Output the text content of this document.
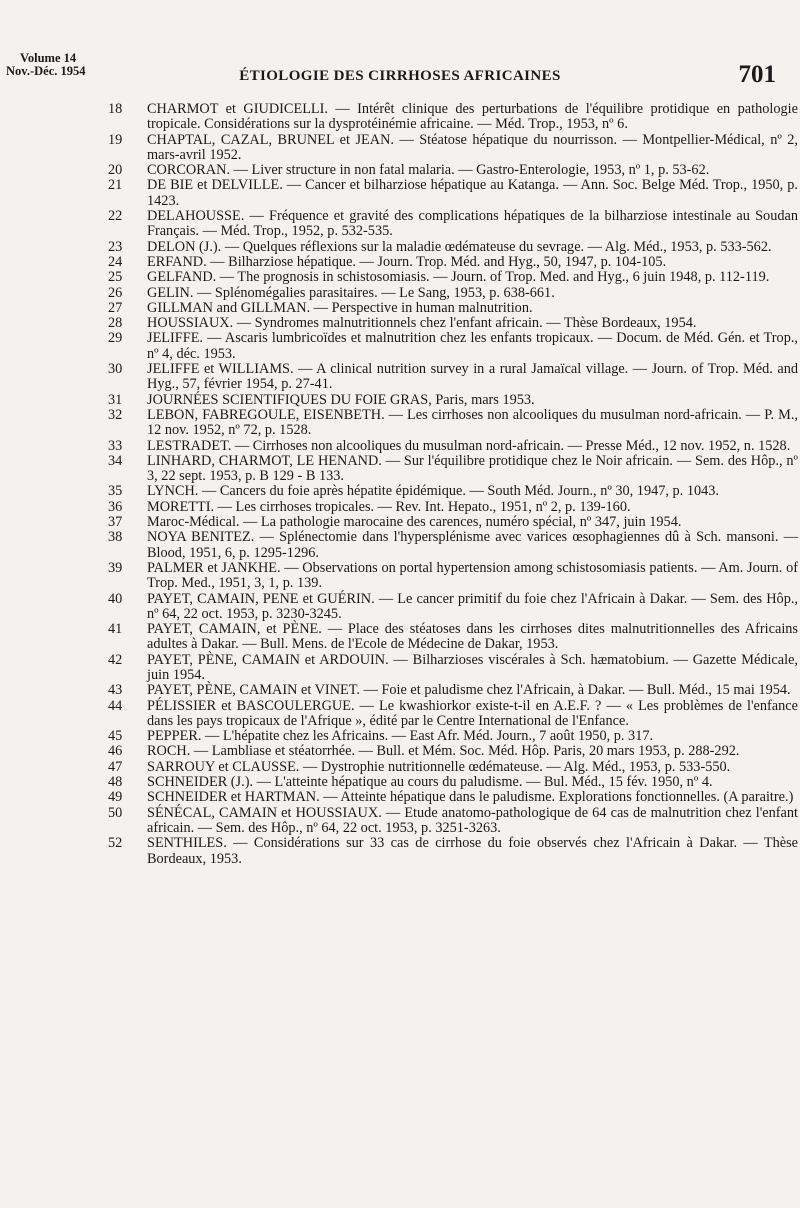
Volume 14
Nov.-Déc. 1954	ÉTIOLOGIE DES CIRRHOSES AFRICAINES	701
18	CHARMOT et GIUDICELLI. — Intérêt clinique des perturbations de l'équilibre protidique en pathologie tropicale. Considérations sur la dysprotéinémie africaine. — Méd. Trop., 1953, nº 6.
19	CHAPTAL, CAZAL, BRUNEL et JEAN. — Stéatose hépatique du nourrisson. — Montpellier-Médical, nº 2, mars-avril 1952.
20	CORCORAN. — Liver structure in non fatal malaria. — Gastro-Enterologie, 1953, nº 1, p. 53-62.
21	DE BIE et DELVILLE. — Cancer et bilharziose hépatique au Katanga. — Ann. Soc. Belge Méd. Trop., 1950, p. 1423.
22	DELAHOUSSE. — Fréquence et gravité des complications hépatiques de la bilharziose intestinale au Soudan Français. — Méd. Trop., 1952, p. 532-535.
23	DELON (J.). — Quelques réflexions sur la maladie œdémateuse du sevrage. — Alg. Méd., 1953, p. 533-562.
24	ERFAND. — Bilharziose hépatique. — Journ. Trop. Méd. and Hyg., 50, 1947, p. 104-105.
25	GELFAND. — The prognosis in schistosomiasis. — Journ. of Trop. Med. and Hyg., 6 juin 1948, p. 112-119.
26	GELIN. — Splénomégalies parasitaires. — Le Sang, 1953, p. 638-661.
27	GILLMAN and GILLMAN. — Perspective in human malnutrition.
28	HOUSSIAUX. — Syndromes malnutritionnels chez l'enfant africain. — Thèse Bordeaux, 1954.
29	JELIFFE. — Ascaris lumbricoïdes et malnutrition chez les enfants tropicaux. — Docum. de Méd. Gén. et Trop., nº 4, déc. 1953.
30	JELIFFE et WILLIAMS. — A clinical nutrition survey in a rural Jamaïcal village. — Journ. of Trop. Méd. and Hyg., 57, février 1954, p. 27-41.
31	JOURNÉES SCIENTIFIQUES DU FOIE GRAS, Paris, mars 1953.
32	LEBON, FABREGOULE, EISENBETH. — Les cirrhoses non alcooliques du musulman nord-africain. — P. M., 12 nov. 1952, nº 72, p. 1528.
33	LESTRADET. — Cirrhoses non alcooliques du musulman nord-africain. — Presse Méd., 12 nov. 1952, n. 1528.
34	LINHARD, CHARMOT, LE HENAND. — Sur l'équilibre protidique chez le Noir africain. — Sem. des Hôp., nº 3, 22 sept. 1953, p. B 129 - B 133.
35	LYNCH. — Cancers du foie après hépatite épidémique. — South Méd. Journ., nº 30, 1947, p. 1043.
36	MORETTI. — Les cirrhoses tropicales. — Rev. Int. Hepato., 1951, nº 2, p. 139-160.
37	Maroc-Médical. — La pathologie marocaine des carences, numéro spécial, nº 347, juin 1954.
38	NOYA BENITEZ. — Splénectomie dans l'hypersplénisme avec varices œsophagiennes dû à Sch. mansoni. — Blood, 1951, 6, p. 1295-1296.
39	PALMER et JANKHE. — Observations on portal hypertension among schistosomiasis patients. — Am. Journ. of Trop. Med., 1951, 3, 1, p. 139.
40	PAYET, CAMAIN, PENE et GUÉRIN. — Le cancer primitif du foie chez l'Africain à Dakar. — Sem. des Hôp., nº 64, 22 oct. 1953, p. 3230-3245.
41	PAYET, CAMAIN, et PÈNE. — Place des stéatoses dans les cirrhoses dites malnutritionnelles des Africains adultes à Dakar. — Bull. Mens. de l'Ecole de Médecine de Dakar, 1953.
42	PAYET, PÈNE, CAMAIN et ARDOUIN. — Bilharzioses viscérales à Sch. hæmatobium. — Gazette Médicale, juin 1954.
43	PAYET, PÈNE, CAMAIN et VINET. — Foie et paludisme chez l'Africain, à Dakar. — Bull. Méd., 15 mai 1954.
44	PÉLISSIER et BASCOULERGUE. — Le kwashiorkor existe-t-il en A.E.F. ? — « Les problèmes de l'enfance dans les pays tropicaux de l'Afrique », édité par le Centre International de l'Enfance.
45	PEPPER. — L'hépatite chez les Africains. — East Afr. Méd. Journ., 7 août 1950, p. 317.
46	ROCH. — Lambliase et stéatorrhée. — Bull. et Mém. Soc. Méd. Hôp. Paris, 20 mars 1953, p. 288-292.
47	SARROUY et CLAUSSE. — Dystrophie nutritionnelle œdémateuse. — Alg. Méd., 1953, p. 533-550.
48	SCHNEIDER (J.). — L'atteinte hépatique au cours du paludisme. — Bul. Méd., 15 fév. 1950, nº 4.
49	SCHNEIDER et HARTMAN. — Atteinte hépatique dans le paludisme. Explorations fonctionnelles. (A paraitre.)
50	SÉNÉCAL, CAMAIN et HOUSSIAUX. — Etude anatomo-pathologique de 64 cas de malnutrition chez l'enfant africain. — Sem. des Hôp., nº 64, 22 oct. 1953, p. 3251-3263.
52	SENTHILES. — Considérations sur 33 cas de cirrhose du foie observés chez l'Africain à Dakar. — Thèse Bordeaux, 1953.
